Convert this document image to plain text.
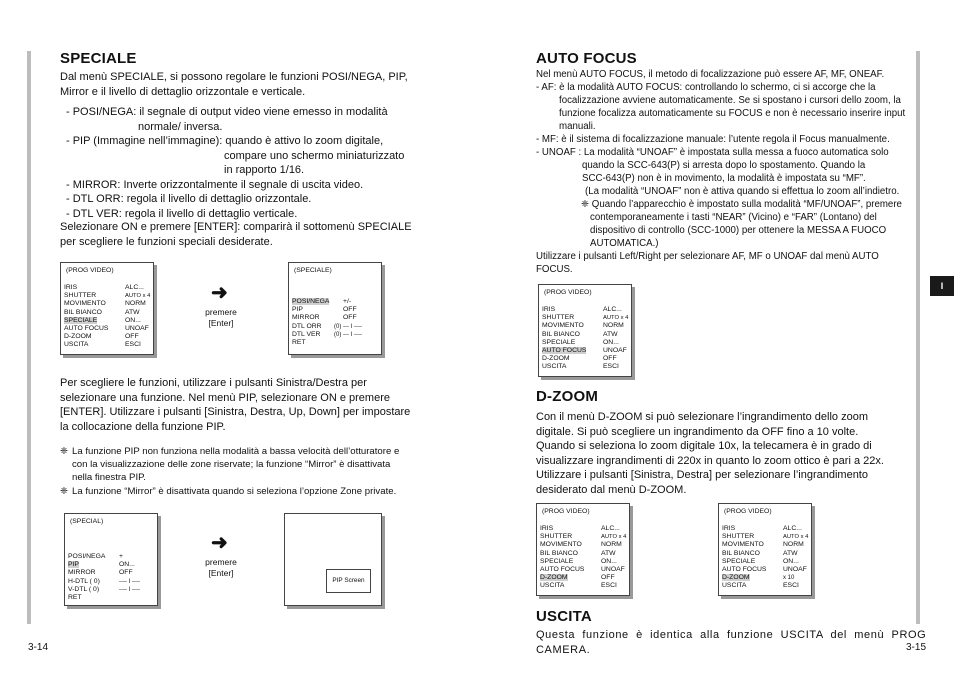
SPECIALE
Dal menù SPECIALE, si possono regolare le funzioni POSI/NEGA, PIP,
Mirror e il livello di dettaglio orizzontale e verticale.
- POSI/NEGA: il segnale di output video viene emesso in modalità
normale/ inversa.
- PIP (Immagine nell’immagine): quando è attivo lo zoom digitale,
compare uno schermo miniaturizzato
in rapporto 1/16.
- MIRROR: Inverte orizzontalmente il segnale di uscita video.
- DTL ORR: regola il livello di dettaglio orizzontale.
- DTL VER: regola il livello di dettaglio verticale.
Selezionare ON e premere [ENTER]: comparirà il sottomenù SPECIALE
per scegliere le funzioni speciali desiderate.
(PROG VIDEO)
IRIS	ALC...
SHUTTER	AUTO x 4
MOVIMENTO	NORM
BIL BIANCO	ATW
SPECIALE	ON...
AUTO FOCUS	UNOAF
D-ZOOM	OFF
USCITA	ESCI
➜
premere
[Enter]
(SPECIALE)
POSI/NEGA	+/-
PIP	OFF
MIRROR	OFF
DTL ORR	(0) --- I ----
DTL VER	(0) --- I ----
RET
Per scegliere le funzioni, utilizzare i pulsanti Sinistra/Destra per
selezionare una funzione. Nel menù PIP, selezionare ON e premere
[ENTER]. Utilizzare i pulsanti [Sinistra, Destra, Up, Down] per impostare
la collocazione della funzione PIP.
❈ La funzione PIP non funziona nella modalità a bassa velocità dell’otturatore e
con la visualizzazione delle zone riservate; la funzione “Mirror” è disattivata
nella finestra PIP.
❈ La funzione “Mirror” è disattivata quando si seleziona l’opzione Zone private.
(SPECIAL)
POSI/NEGA	+
PIP	ON...
MIRROR	OFF
H-DTL ( 0)	---- I ----
V-DTL ( 0)	---- I ----
RET
➜
premere
[Enter]
PIP Screen
3-14
AUTO FOCUS
Nel menù AUTO FOCUS, il metodo di focalizzazione può essere AF, MF, ONEAF.
- AF: è la modalità AUTO FOCUS: controllando lo schermo, ci si accorge che la
focalizzazione avviene automaticamente. Se si spostano i cursori dello zoom, la
funzione focalizza automaticamente su FOCUS e non è necessario inserire input
manuali.
- MF: è il sistema di focalizzazione manuale: l’utente regola il Focus manualmente.
- UNOAF : La modalità “UNOAF” è impostata sulla messa a fuoco automatica solo
quando la SCC-643(P) si arresta dopo lo spostamento. Quando la
SCC-643(P) non è in movimento, la modalità è impostata su “MF”.
(La modalità “UNOAF” non è attiva quando si effettua lo zoom all’indietro.
❈ Quando l’apparecchio è impostato sulla modalità “MF/UNOAF”, premere
contemporaneamente i tasti “NEAR” (Vicino) e “FAR” (Lontano) del
dispositivo di controllo (SCC-1000) per ottenere la MESSA A FUOCO
AUTOMATICA.)
Utilizzare i pulsanti Left/Right per selezionare AF, MF o UNOAF dal menù AUTO
FOCUS.
(PROG VIDEO)
IRIS	ALC...
SHUTTER	AUTO x 4
MOVIMENTO	NORM
BIL BIANCO	ATW
SPECIALE	ON...
AUTO FOCUS	UNOAF
D-ZOOM	OFF
USCITA	ESCI
D-ZOOM
Con il menù D-ZOOM si può selezionare l’ingrandimento dello zoom
digitale. Si può scegliere un ingrandimento da OFF fino a 10 volte.
Quando si seleziona lo zoom digitale 10x, la telecamera è in grado di
visualizzare ingrandimenti di 220x in quanto lo zoom ottico è pari a 22x.
Utilizzare i pulsanti [Sinistra, Destra] per selezionare l’ingrandimento
desiderato dal menù D-ZOOM.
(PROG VIDEO)
IRIS	ALC...
SHUTTER	AUTO x 4
MOVIMENTO	NORM
BIL BIANCO	ATW
SPECIALE	ON...
AUTO FOCUS	UNOAF
D-ZOOM	OFF
USCITA	ESCI
(PROG VIDEO)
IRIS	ALC...
SHUTTER	AUTO x 4
MOVIMENTO	NORM
BIL BIANCO	ATW
SPECIALE	ON...
AUTO FOCUS	UNOAF
D-ZOOM	x 10
USCITA	ESCI
USCITA
Questa  funzione  è  identica  alla  funzione  USCITA  del  menù  PROG
CAMERA.
I
3-15
